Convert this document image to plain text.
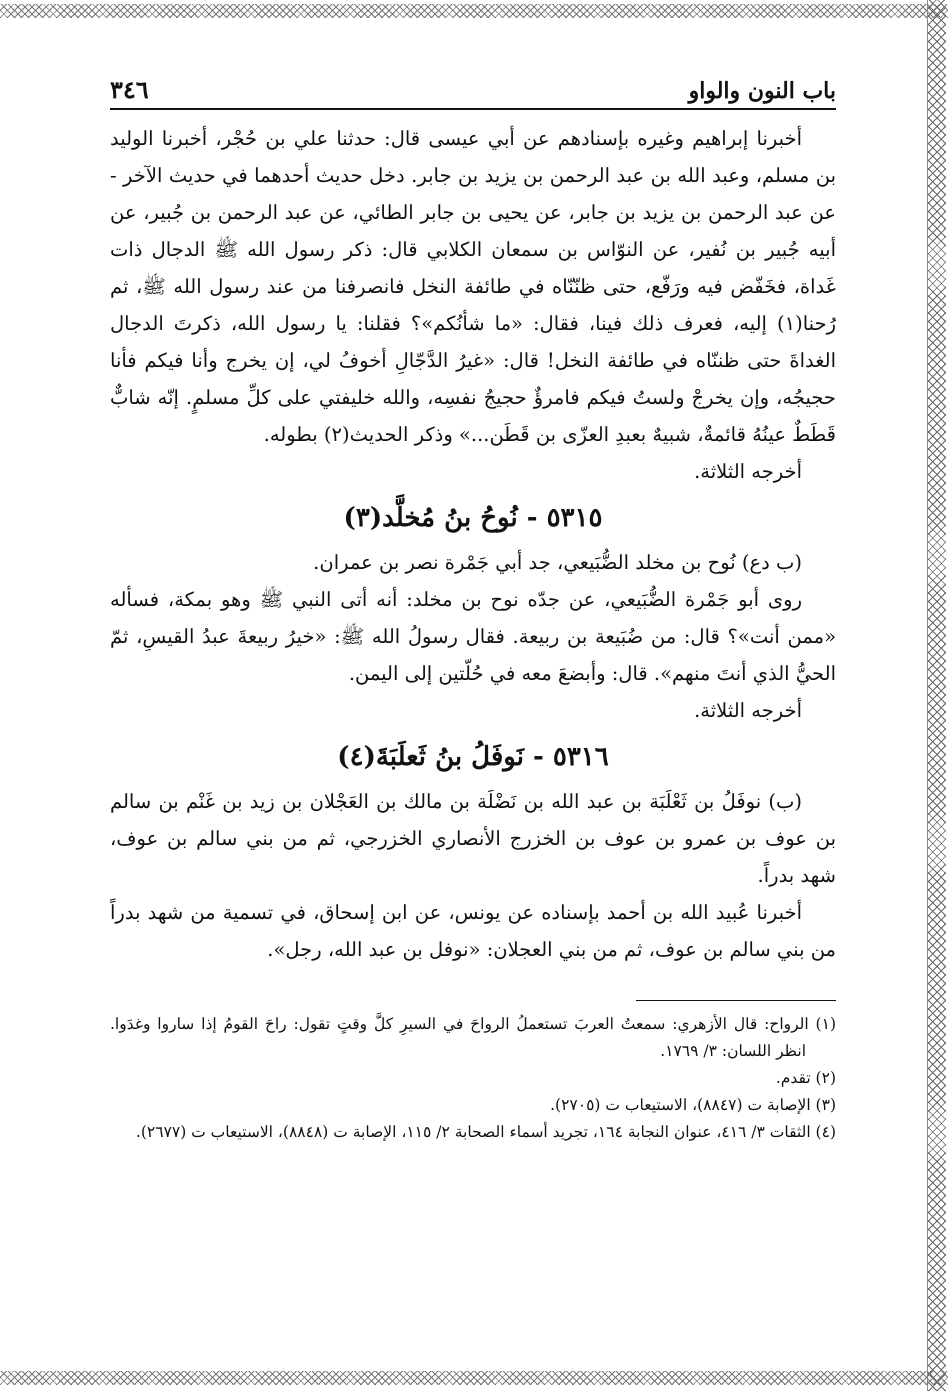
باب النون والواو
٣٤٦

أخبرنا إبراهيم وغيره بإسنادهم عن أبي عيسى قال: حدثنا علي بن حُجْر، أخبرنا الوليد بن مسلم، وعبد الله بن عبد الرحمن بن يزيد بن جابر. دخل حديث أحدهما في حديث الآخر - عن عبد الرحمن بن يزيد بن جابر، عن يحيى بن جابر الطائي، عن عبد الرحمن بن جُبير، عن أبيه جُبير بن نُفير، عن النوّاس بن سمعان الكلابي قال: ذكر رسول الله ﷺ الدجال ذات غَداة، فخَفّض فيه ورَفّع، حتى ظنّنّاه في طائفة النخل فانصرفنا من عند رسول الله ﷺ، ثم رُحنا(١) إليه، فعرف ذلك فينا، فقال: «ما شأنُكم»؟ فقلنا: يا رسول الله، ذكرتَ الدجال الغداةَ حتى ظننّاه في طائفة النخل! قال: «غيرُ الدَّجّالِ أخوفُ لي، إن يخرج وأنا فيكم فأنا حجيجُه، وإن يخرجْ ولستُ فيكم فامرؤٌ حجيجُ نفسِه، والله خليفتي على كلِّ مسلمٍ. إنّه شابٌّ قَطَطٌ عينُهُ قائمةٌ، شبيهٌ بعبدِ العزّى بن قَطَن...» وذكر الحديث(٢) بطوله.

أخرجه الثلاثة.

٥٣١٥ - نُوحُ بنُ مُخلَّد(٣)

(ب دع) نُوح بن مخلد الضُّبَيعي، جد أبي جَمْرة نصر بن عمران.

روى أبو جَمْرة الضُّبَيعي، عن جدّه نوح بن مخلد: أنه أتى النبي ﷺ وهو بمكة، فسأله «ممن أنت»؟ قال: من ضُبَيعة بن ربيعة. فقال رسولُ الله ﷺ: «خيرُ ربيعةَ عبدُ القيسِ، ثمّ الحيُّ الذي أنتَ منهم». قال: وأبضعَ معه في حُلّتين إلى اليمن.

أخرجه الثلاثة.

٥٣١٦ - نَوفَلُ بنُ ثَعلَبَةَ(٤)

(ب) نوفَلُ بن ثَعْلَبَة بن عبد الله بن نَضْلَة بن مالك بن العَجْلان بن زيد بن غَنْم بن سالم بن عوف بن عمرو بن عوف بن الخزرج الأنصاري الخزرجي، ثم من بني سالم بن عوف، شهد بدراً.

أخبرنا عُبيد الله بن أحمد بإسناده عن يونس، عن ابن إسحاق، في تسمية من شهد بدراً من بني سالم بن عوف، ثم من بني العجلان: «نوفل بن عبد الله، رجل».

(١) الرواح: قال الأزهري: سمعتُ العربَ تستعملُ الرواحَ في السيرِ كلَّ وقتٍ تقول: راحَ القومُ إذا ساروا وغدَوا. انظر اللسان: ٣/ ١٧٦٩.

(٢) تقدم.

(٣) الإصابة ت (٨٨٤٧)، الاستيعاب ت (٢٧٠٥).

(٤) الثقات ٣/ ٤١٦، عنوان النجابة ١٦٤، تجريد أسماء الصحابة ٢/ ١١٥، الإصابة ت (٨٨٤٨)، الاستيعاب ت (٢٦٧٧).
